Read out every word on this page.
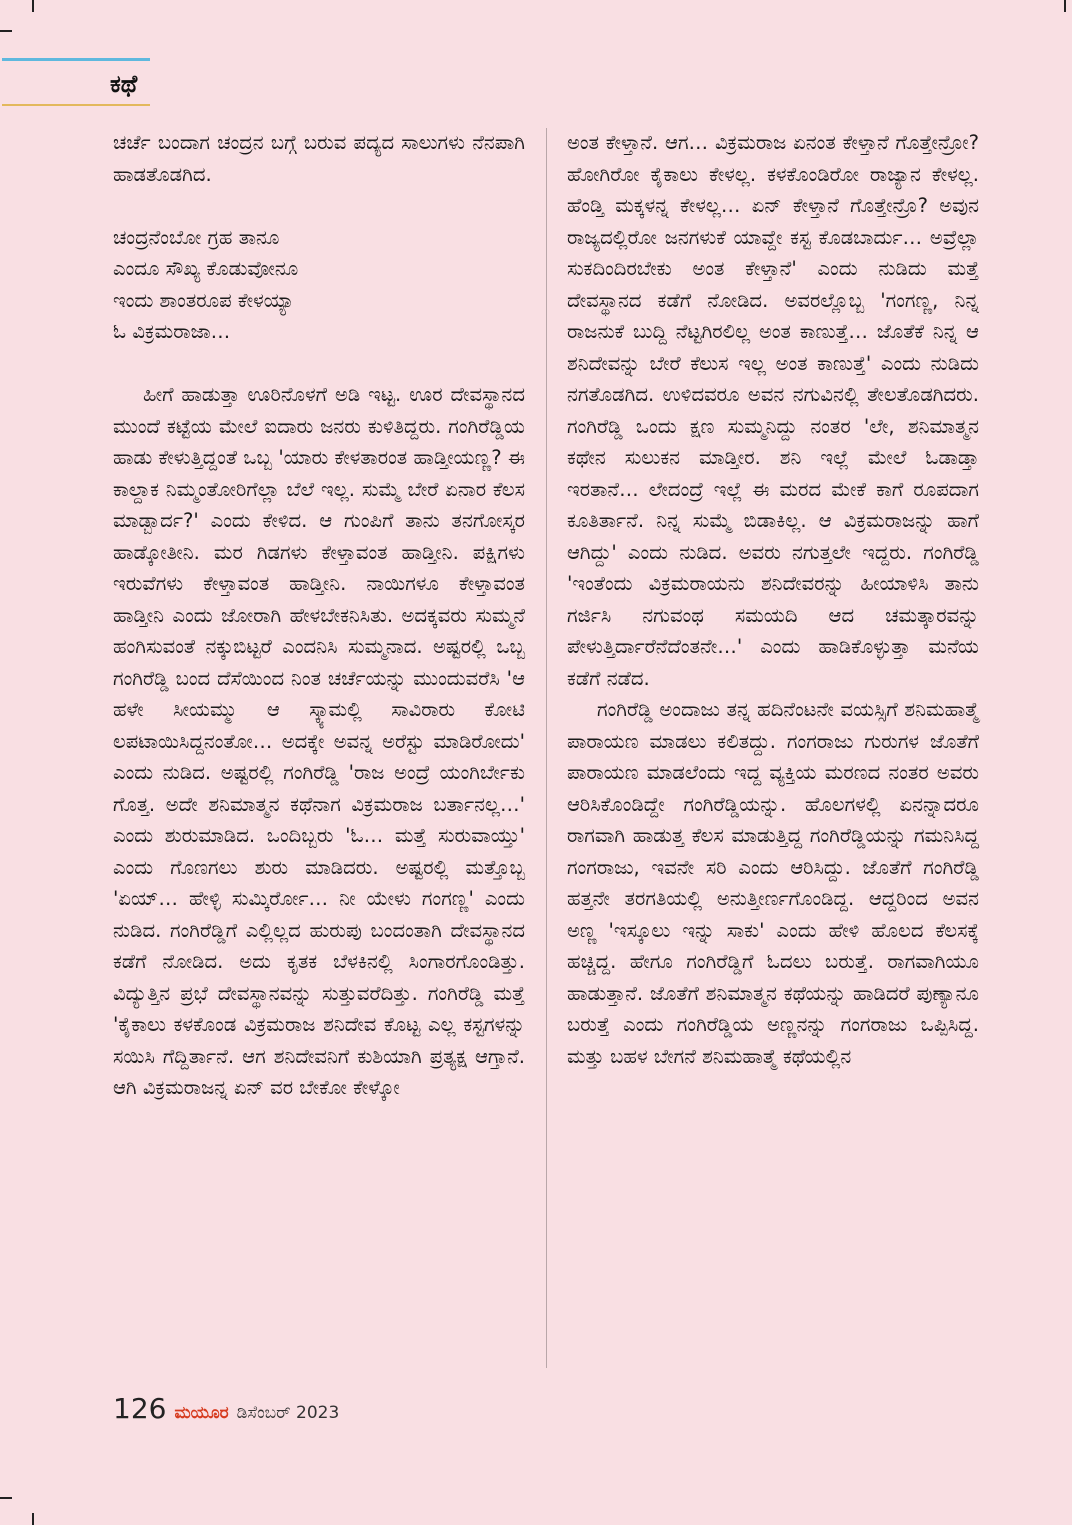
ಕಥೆ

ಚರ್ಚೆ ಬಂದಾಗ ಚಂದ್ರನ ಬಗ್ಗೆ ಬರುವ ಪದ್ಯದ ಸಾಲುಗಳು ನೆನಪಾಗಿ ಹಾಡತೊಡಗಿದ.

ಚಂದ್ರನೆಂಬೋ ಗ್ರಹ ತಾನೂ
ಎಂದೂ ಸೌಖ್ಯ ಕೊಡುವೋನೂ
ಇಂದು ಶಾಂತರೂಪ ಕೇಳಯ್ಯಾ
ಓ ವಿಕ್ರಮರಾಜಾ…

ಹೀಗೆ ಹಾಡುತ್ತಾ ಊರಿನೊಳಗೆ ಅಡಿ ಇಟ್ಟ. ಊರ ದೇವಸ್ಥಾನದ ಮುಂದೆ ಕಟ್ಟೆಯ ಮೇಲೆ ಐದಾರು ಜನರು ಕುಳಿತಿದ್ದರು. ಗಂಗಿರೆಡ್ಡಿಯ ಹಾಡು ಕೇಳುತ್ತಿದ್ದಂತೆ ಒಬ್ಬ 'ಯಾರು ಕೇಳತಾರಂತ ಹಾಡ್ತೀಯಣ್ಣ? ಈ ಕಾಲ್ದಾಕ ನಿಮ್ಮಂತೋರಿಗೆಲ್ಲಾ ಬೆಲೆ ಇಲ್ಲ. ಸುಮ್ಮೆ ಬೇರೆ ಏನಾರ ಕೆಲಸ ಮಾಡ್ಬಾರ್ದ?' ಎಂದು ಕೇಳಿದ. ಆ ಗುಂಪಿಗೆ ತಾನು ತನಗೋಸ್ಕರ ಹಾಡ್ಕೋತೀನಿ. ಮರ ಗಿಡಗಳು ಕೇಳ್ತಾವಂತ ಹಾಡ್ತೀನಿ. ಪಕ್ಷಿಗಳು ಇರುವೆಗಳು ಕೇಳ್ತಾವಂತ ಹಾಡ್ತೀನಿ. ನಾಯಿಗಳೂ ಕೇಳ್ತಾವಂತ ಹಾಡ್ತೀನಿ ಎಂದು ಜೋರಾಗಿ ಹೇಳಬೇಕನಿಸಿತು. ಅದಕ್ಕವರು ಸುಮ್ಮನೆ ಹಂಗಿಸುವಂತೆ ನಕ್ಕುಬಿಟ್ಟರೆ ಎಂದನಿಸಿ ಸುಮ್ಮನಾದ. ಅಷ್ಟರಲ್ಲಿ ಒಬ್ಬ ಗಂಗಿರೆಡ್ಡಿ ಬಂದ ದೆಸೆಯಿಂದ ನಿಂತ ಚರ್ಚೆಯನ್ನು ಮುಂದುವರೆಸಿ 'ಆ ಹಳೇ ಸೀಯಮ್ಮು ಆ ಸ್ಕ್ಯಾಮಲ್ಲಿ ಸಾವಿರಾರು ಕೋಟಿ ಲಪಟಾಯಿಸಿದ್ದನಂತೋ… ಅದಕ್ಕೇ ಅವನ್ನ ಅರೆಸ್ಟು ಮಾಡಿರೋದು' ಎಂದು ನುಡಿದ. ಅಷ್ಟರಲ್ಲಿ ಗಂಗಿರೆಡ್ಡಿ 'ರಾಜ ಅಂದ್ರೆ ಯಂಗಿರ್ಬೇಕು ಗೊತ್ತ. ಅದೇ ಶನಿಮಾತ್ಮನ ಕಥೆನಾಗ ವಿಕ್ರಮರಾಜ ಬರ್ತಾನಲ್ಲ…' ಎಂದು ಶುರುಮಾಡಿದ. ಒಂದಿಬ್ಬರು 'ಓ… ಮತ್ತೆ ಸುರುವಾಯ್ತು' ಎಂದು ಗೊಣಗಲು ಶುರು ಮಾಡಿದರು. ಅಷ್ಟರಲ್ಲಿ ಮತ್ತೊಬ್ಬ 'ಏಯ್… ಹೇಳ್ಳಿ ಸುಮ್ಕಿರ್ರೋ… ನೀ ಯೇಳು ಗಂಗಣ್ಣ' ಎಂದು ನುಡಿದ. ಗಂಗಿರೆಡ್ಡಿಗೆ ಎಲ್ಲಿಲ್ಲದ ಹುರುಪು ಬಂದಂತಾಗಿ ದೇವಸ್ಥಾನದ ಕಡೆಗೆ ನೋಡಿದ. ಅದು ಕೃತಕ ಬೆಳಕಿನಲ್ಲಿ ಸಿಂಗಾರಗೊಂಡಿತ್ತು. ವಿದ್ಯುತ್ತಿನ ಪ್ರಭೆ ದೇವಸ್ಥಾನವನ್ನು ಸುತ್ತುವರೆದಿತ್ತು. ಗಂಗಿರೆಡ್ಡಿ ಮತ್ತೆ 'ಕೈಕಾಲು ಕಳಕೊಂಡ ವಿಕ್ರಮರಾಜ ಶನಿದೇವ ಕೊಟ್ಟ ಎಲ್ಲ ಕಸ್ಟಗಳನ್ನು ಸಯಿಸಿ ಗೆದ್ದಿರ್ತಾನೆ. ಆಗ ಶನಿದೇವನಿಗೆ ಕುಶಿಯಾಗಿ ಪ್ರತ್ಯಕ್ಷ ಆಗ್ತಾನೆ. ಆಗಿ ವಿಕ್ರಮರಾಜನ್ನ ಏನ್ ವರ ಬೇಕೋ ಕೇಳ್ಕೋ

ಅಂತ ಕೇಳ್ತಾನೆ. ಆಗ… ವಿಕ್ರಮರಾಜ ಏನಂತ ಕೇಳ್ತಾನೆ ಗೊತ್ತೇನ್ರೋ? ಹೋಗಿರೋ ಕೈಕಾಲು ಕೇಳಲ್ಲ. ಕಳಕೊಂಡಿರೋ ರಾಜ್ಯಾನ ಕೇಳಲ್ಲ. ಹೆಂಡ್ತಿ ಮಕ್ಕಳನ್ನ ಕೇಳಲ್ಲ… ಏನ್ ಕೇಳ್ತಾನೆ ಗೊತ್ತೇನ್ರೊ? ಅವುನ ರಾಜ್ಯದಲ್ಲಿರೋ ಜನಗಳುಕೆ ಯಾವ್ದೇ ಕಸ್ಟ ಕೊಡಬಾರ್ದು… ಅವ್ರೆಲ್ಲಾ ಸುಕದಿಂದಿರಬೇಕು ಅಂತ ಕೇಳ್ತಾನೆ' ಎಂದು ನುಡಿದು ಮತ್ತೆ ದೇವಸ್ಥಾನದ ಕಡೆಗೆ ನೋಡಿದ. ಅವರಲ್ಲೊಬ್ಬ 'ಗಂಗಣ್ಣ, ನಿನ್ನ ರಾಜನುಕೆ ಬುದ್ದಿ ನೆಟ್ಟಗಿರಲಿಲ್ಲ ಅಂತ ಕಾಣುತ್ತೆ… ಜೊತೆಕೆ ನಿನ್ನ ಆ ಶನಿದೇವನ್ನು ಬೇರೆ ಕೆಲುಸ ಇಲ್ಲ ಅಂತ ಕಾಣುತ್ತೆ' ಎಂದು ನುಡಿದು ನಗತೊಡಗಿದ. ಉಳಿದವರೂ ಅವನ ನಗುವಿನಲ್ಲಿ ತೇಲತೊಡಗಿದರು. ಗಂಗಿರೆಡ್ಡಿ ಒಂದು ಕ್ಷಣ ಸುಮ್ಮನಿದ್ದು ನಂತರ 'ಲೇ, ಶನಿಮಾತ್ಮನ ಕಥೇನ ಸುಲುಕನ ಮಾಡ್ತೀರ. ಶನಿ ಇಲ್ಲೆ ಮೇಲೆ ಓಡಾಡ್ತಾ ಇರತಾನೆ… ಲೇದಂದ್ರೆ ಇಲ್ಲೆ ಈ ಮರದ ಮೇಕೆ ಕಾಗೆ ರೂಪದಾಗ ಕೂತಿರ್ತಾನೆ. ನಿನ್ನ ಸುಮ್ಮೆ ಬಿಡಾಕಿಲ್ಲ. ಆ ವಿಕ್ರಮರಾಜನ್ನು ಹಾಗೆ ಆಗಿದ್ದು' ಎಂದು ನುಡಿದ. ಅವರು ನಗುತ್ತಲೇ ಇದ್ದರು. ಗಂಗಿರೆಡ್ಡಿ 'ಇಂತೆಂದು ವಿಕ್ರಮರಾಯನು ಶನಿದೇವರನ್ನು ಹೀಯಾಳಿಸಿ ತಾನು ಗರ್ಜಿಸಿ ನಗುವಂಥ ಸಮಯದಿ ಆದ ಚಮತ್ಕಾರವನ್ನು ಪೇಳುತ್ತಿರ್ದಾರೆನೆದೆಂತನೇ…' ಎಂದು ಹಾಡಿಕೊಳ್ಳುತ್ತಾ ಮನೆಯ ಕಡೆಗೆ ನಡೆದ.

ಗಂಗಿರೆಡ್ಡಿ ಅಂದಾಜು ತನ್ನ ಹದಿನೆಂಟನೇ ವಯಸ್ಸಿಗೆ ಶನಿಮಹಾತ್ಮೆ ಪಾರಾಯಣ ಮಾಡಲು ಕಲಿತದ್ದು. ಗಂಗರಾಜು ಗುರುಗಳ ಜೊತೆಗೆ ಪಾರಾಯಣ ಮಾಡಲೆಂದು ಇದ್ದ ವ್ಯಕ್ತಿಯ ಮರಣದ ನಂತರ ಅವರು ಆರಿಸಿಕೊಂಡಿದ್ದೇ ಗಂಗಿರೆಡ್ಡಿಯನ್ನು. ಹೊಲಗಳಲ್ಲಿ ಏನನ್ನಾದರೂ ರಾಗವಾಗಿ ಹಾಡುತ್ತ ಕೆಲಸ ಮಾಡುತ್ತಿದ್ದ ಗಂಗಿರೆಡ್ಡಿಯನ್ನು ಗಮನಿಸಿದ್ದ ಗಂಗರಾಜು, ಇವನೇ ಸರಿ ಎಂದು ಆರಿಸಿದ್ದು. ಜೊತೆಗೆ ಗಂಗಿರೆಡ್ಡಿ ಹತ್ತನೇ ತರಗತಿಯಲ್ಲಿ ಅನುತ್ತೀರ್ಣಗೊಂಡಿದ್ದ. ಆದ್ದರಿಂದ ಅವನ ಅಣ್ಣ 'ಇಸ್ಕೂಲು ಇನ್ನು ಸಾಕು' ಎಂದು ಹೇಳಿ ಹೊಲದ ಕೆಲಸಕ್ಕೆ ಹಚ್ಚಿದ್ದ. ಹೇಗೂ ಗಂಗಿರೆಡ್ಡಿಗೆ ಓದಲು ಬರುತ್ತೆ. ರಾಗವಾಗಿಯೂ ಹಾಡುತ್ತಾನೆ. ಜೊತೆಗೆ ಶನಿಮಾತ್ಮನ ಕಥೆಯನ್ನು ಹಾಡಿದರೆ ಪುಣ್ಯಾನೂ ಬರುತ್ತೆ ಎಂದು ಗಂಗಿರೆಡ್ಡಿಯ ಅಣ್ಣನನ್ನು ಗಂಗರಾಜು ಒಪ್ಪಿಸಿದ್ದ. ಮತ್ತು ಬಹಳ ಬೇಗನೆ ಶನಿಮಹಾತ್ಮೆ ಕಥೆಯಲ್ಲಿನ

126 ಮಯೂರ ಡಿಸೆಂಬರ್ 2023
